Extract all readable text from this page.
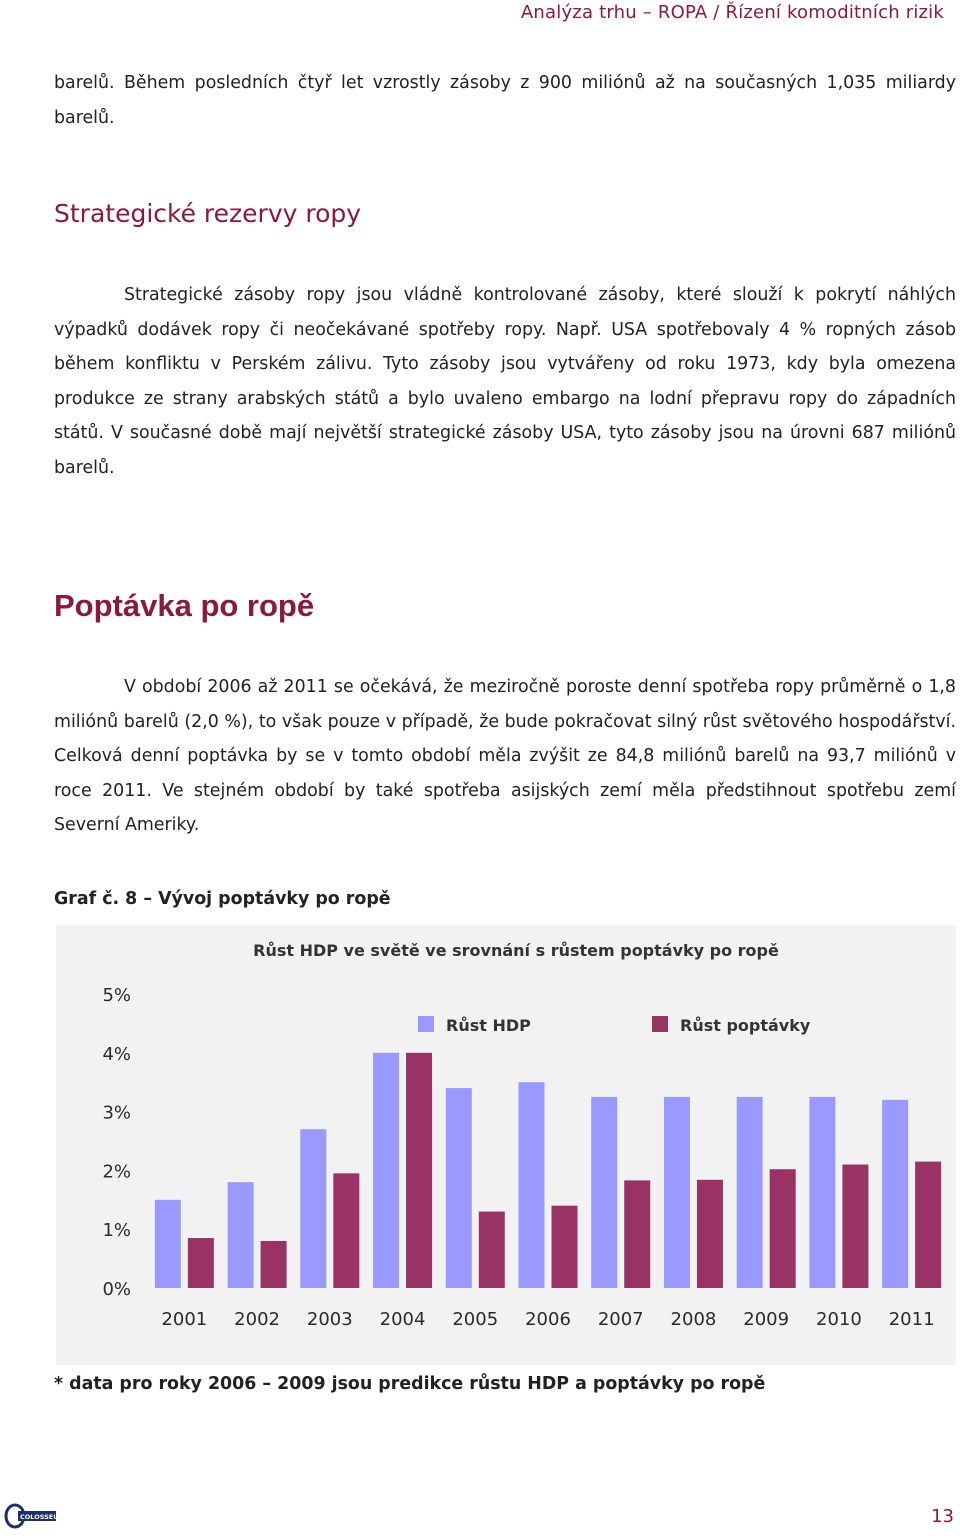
Analýza trhu – ROPA / Řízení komoditních rizik

barelů. Během posledních čtyř let vzrostly zásoby z 900 miliónů až na současných 1,035 miliardy barelů.

Strategické rezervy ropy

Strategické zásoby ropy jsou vládně kontrolované zásoby, které slouží k pokrytí náhlých výpadků dodávek ropy či neočekávané spotřeby ropy. Např. USA spotřebovaly 4 % ropných zásob během konfliktu v Perském zálivu. Tyto zásoby jsou vytvářeny od roku 1973, kdy byla omezena produkce ze strany arabských států a bylo uvaleno embargo na lodní přepravu ropy do západních států. V současné době mají největší strategické zásoby USA, tyto zásoby jsou na úrovni 687 miliónů barelů.

Poptávka po ropě

V období 2006 až 2011 se očekává, že meziročně poroste denní spotřeba ropy průměrně o 1,8 miliónů barelů (2,0 %), to však pouze v případě, že bude pokračovat silný růst světového hospodářství. Celková denní poptávka by se v tomto období měla zvýšit ze 84,8 miliónů barelů na 93,7 miliónů v roce 2011. Ve stejném období by také spotřeba asijských zemí měla předstihnout spotřebu zemí Severní Ameriky.

Graf č. 8 – Vývoj poptávky po ropě

Růst HDP ve světě ve srovnání s růstem poptávky po ropě
0%
1%
2%
3%
4%
5%
Růst HDP	Růst poptávky
2001 2002 2003 2004 2005 2006 2007 2008 2009 2010 2011

* data pro roky 2006 – 2009 jsou predikce růstu HDP a poptávky po ropě

COLOSSEUM	13
